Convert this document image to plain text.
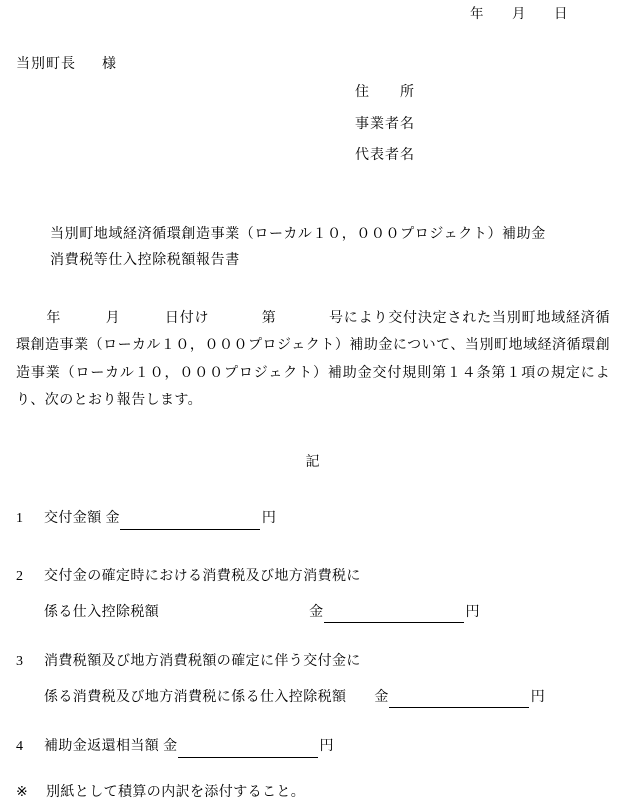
年 月 日
当別町長 様
住　　所
事業者名
代表者名
当別町地域経済循環創造事業（ローカル１０，０００プロジェクト）補助金
消費税等仕入控除税額報告書
年	月	日付け	第	号により交付決定された当別町地域経済循環創造事業（ローカル１０，０００プロジェクト）補助金について、当別町地域経済循環創造事業（ローカル１０，０００プロジェクト）補助金交付規則第１４条第１項の規定により、次のとおり報告します。
記
1 交付金額 金	円
2 交付金の確定時における消費税及び地方消費税に
係る仕入控除税額	金	円
3 消費税額及び地方消費税額の確定に伴う交付金に
係る消費税及び地方消費税に係る仕入控除税額 金	円
4 補助金返還相当額 金	円
※ 別紙として積算の内訳を添付すること。
